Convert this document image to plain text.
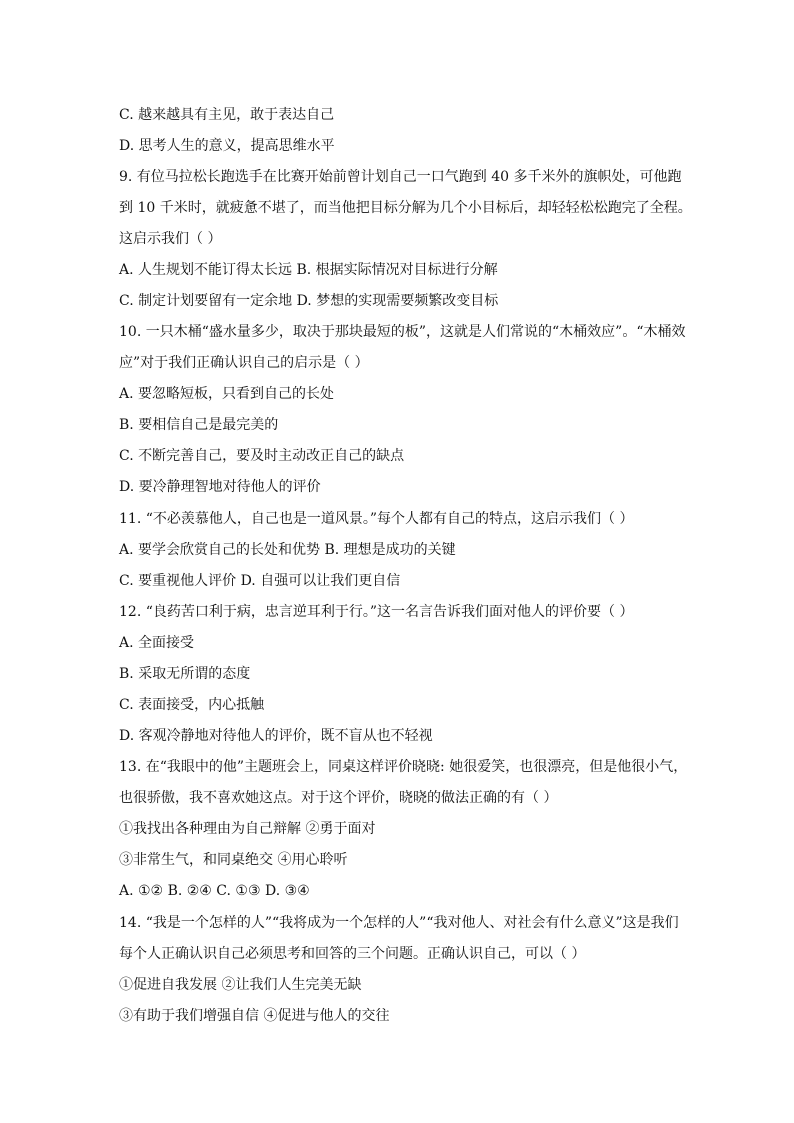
C. 越来越具有主见，敢于表达自己
D. 思考人生的意义，提高思维水平
9. 有位马拉松长跑选手在比赛开始前曾计划自己一口气跑到 40 多千米外的旗帜处，可他跑
到 10 千米时，就疲惫不堪了，而当他把目标分解为几个小目标后，却轻轻松松跑完了全程。
这启示我们（ ）
A. 人生规划不能订得太长远 B. 根据实际情况对目标进行分解
C. 制定计划要留有一定余地 D. 梦想的实现需要频繁改变目标
10. 一只木桶“盛水量多少，取决于那块最短的板”，这就是人们常说的“木桶效应”。“木桶效
应”对于我们正确认识自己的启示是（ ）
A. 要忽略短板，只看到自己的长处
B. 要相信自己是最完美的
C. 不断完善自己，要及时主动改正自己的缺点
D. 要冷静理智地对待他人的评价
11. “不必羡慕他人，自己也是一道风景。”每个人都有自己的特点，这启示我们（ ）
A. 要学会欣赏自己的长处和优势 B. 理想是成功的关键
C. 要重视他人评价 D. 自强可以让我们更自信
12. “良药苦口利于病，忠言逆耳利于行。”这一名言告诉我们面对他人的评价要（ ）
A. 全面接受
B. 采取无所谓的态度
C. 表面接受，内心抵触
D. 客观冷静地对待他人的评价，既不盲从也不轻视
13. 在“我眼中的他”主题班会上，同桌这样评价晓晓: 她很爱笑，也很漂亮，但是他很小气，
也很骄傲，我不喜欢她这点。对于这个评价，晓晓的做法正确的有（ ）
①我找出各种理由为自己辩解 ②勇于面对
③非常生气，和同桌绝交 ④用心聆听
A. ①② B. ②④ C. ①③ D. ③④
14. “我是一个怎样的人”“我将成为一个怎样的人”“我对他人、对社会有什么意义”这是我们
每个人正确认识自己必须思考和回答的三个问题。正确认识自己，可以（ ）
①促进自我发展 ②让我们人生完美无缺
③有助于我们增强自信 ④促进与他人的交往
